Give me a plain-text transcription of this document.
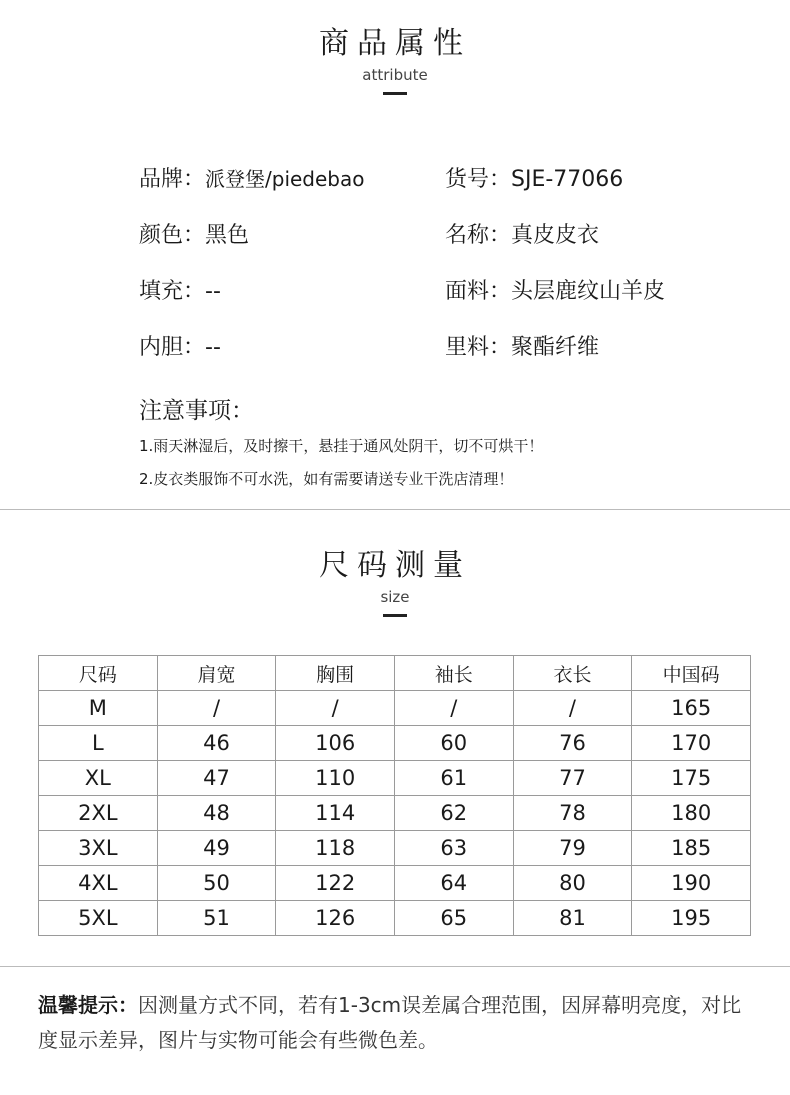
商品属性
attribute
品牌：派登堡/piedebao	货号：SJE-77066
颜色：黑色	名称：真皮皮衣
填充：--	面料：头层鹿纹山羊皮
内胆：--	里料：聚酯纤维
注意事项：
1.雨天淋湿后，及时擦干，悬挂于通风处阴干，切不可烘干！
2.皮衣类服饰不可水洗，如有需要请送专业干洗店清理！
尺码测量
size
尺码	肩宽	胸围	袖长	衣长	中国码
M	/	/	/	/	165
L	46	106	60	76	170
XL	47	110	61	77	175
2XL	48	114	62	78	180
3XL	49	118	63	79	185
4XL	50	122	64	80	190
5XL	51	126	65	81	195
温馨提示：因测量方式不同，若有1-3cm误差属合理范围，因屏幕明亮度，对比度显示差异，图片与实物可能会有些微色差。
